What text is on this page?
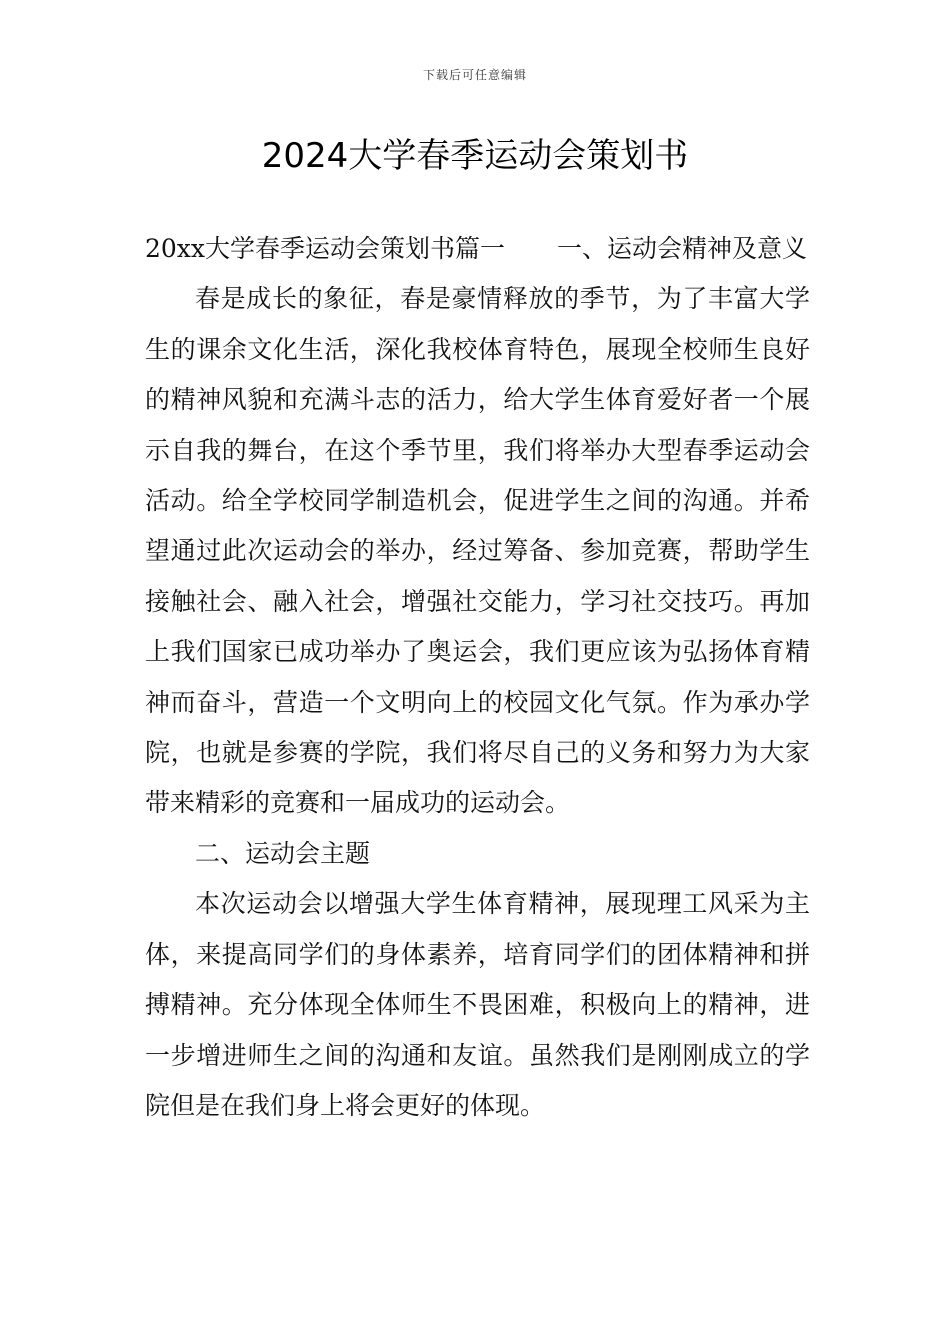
下载后可任意编辑
2024大学春季运动会策划书

20xx大学春季运动会策划书篇一 一、运动会精神及意义

春是成长的象征，春是豪情释放的季节，为了丰富大学生的课余文化生活，深化我校体育特色，展现全校师生良好的精神风貌和充满斗志的活力，给大学生体育爱好者一个展示自我的舞台，在这个季节里，我们将举办大型春季运动会活动。给全学校同学制造机会，促进学生之间的沟通。并希望通过此次运动会的举办，经过筹备、参加竞赛，帮助学生接触社会、融入社会，增强社交能力，学习社交技巧。再加上我们国家已成功举办了奥运会，我们更应该为弘扬体育精神而奋斗，营造一个文明向上的校园文化气氛。作为承办学院，也就是参赛的学院，我们将尽自己的义务和努力为大家带来精彩的竞赛和一届成功的运动会。

二、运动会主题

本次运动会以增强大学生体育精神，展现理工风采为主体，来提高同学们的身体素养，培育同学们的团体精神和拼搏精神。充分体现全体师生不畏困难，积极向上的精神，进一步增进师生之间的沟通和友谊。虽然我们是刚刚成立的学院但是在我们身上将会更好的体现。
